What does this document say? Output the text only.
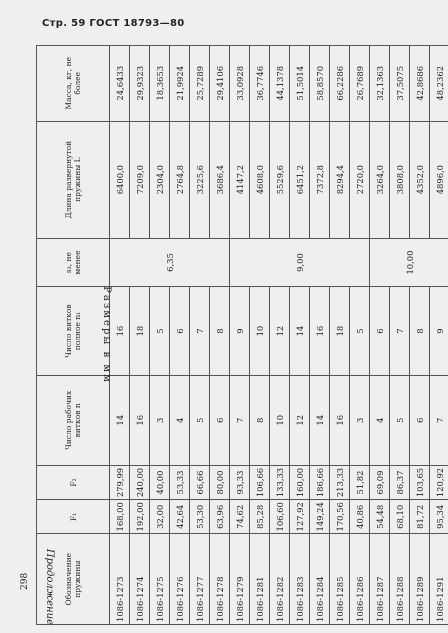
Стр. 59 ГОСТ 18793—80
298	Обозначение пружины	F₁	F₂	Число рабочих витков n	Число витков полное n₁	s₃, не менее	Длина развернутой пружины L	Масса, кг, не более
1086-1273	168,00	279,99	14	16	6,35	6400,0	24,6433
1086-1274	192,00	240,00	16	18		7209,0	29,9323
1086-1275	32,00	40,00	3	5		2304,0	18,3653
1086-1276	42,64	53,33	4	6		2764,8	21,9924
1086-1277	53,30	66,66	5	7		3225,6	25,7289
1086-1278	63,96	80,00	6	8		3686,4	29,4106
1086-1279	74,62	93,33	7	9	9,00	4147,2	33,0928
1086-1281	85,28	106,66	8	10		4608,0	36,7746
1086-1282	106,60	133,33	10	12		5529,6	44,1378
1086-1283	127,92	160,00	12	14		6451,2	51,5014
1086-1284	149,24	186,66	14	16		7372,8	58,8570
1086-1285	170,56	213,33	16	18		8294,4	66,2286
1086-1286	40,86	51,82	3	5		2720,0	26,7689
1086-1287	54,48	69,09	4	6	10,00	3264,0	32,1363
1086-1288	68,10	86,37	5	7		3808,0	37,5075
1086-1289	81,72	103,65	6	8		4352,0	42,8686
1086-1291	95,34	120,92	7	9		4896,0	48,2362
Размеры в мм
Продолжение
